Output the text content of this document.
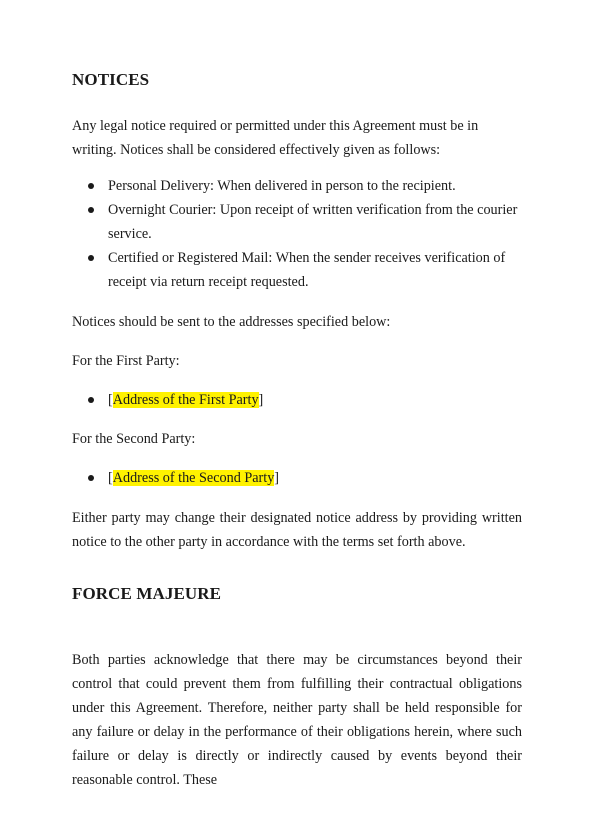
NOTICES

Any legal notice required or permitted under this Agreement must be in writing. Notices shall be considered effectively given as follows:

Personal Delivery: When delivered in person to the recipient.
Overnight Courier: Upon receipt of written verification from the courier service.
Certified or Registered Mail: When the sender receives verification of receipt via return receipt requested.

Notices should be sent to the addresses specified below:

For the First Party:

[Address of the First Party]

For the Second Party:

[Address of the Second Party]

Either party may change their designated notice address by providing written notice to the other party in accordance with the terms set forth above.

FORCE MAJEURE

Both parties acknowledge that there may be circumstances beyond their control that could prevent them from fulfilling their contractual obligations under this Agreement. Therefore, neither party shall be held responsible for any failure or delay in the performance of their obligations herein, where such failure or delay is directly or indirectly caused by events beyond their reasonable control. These
